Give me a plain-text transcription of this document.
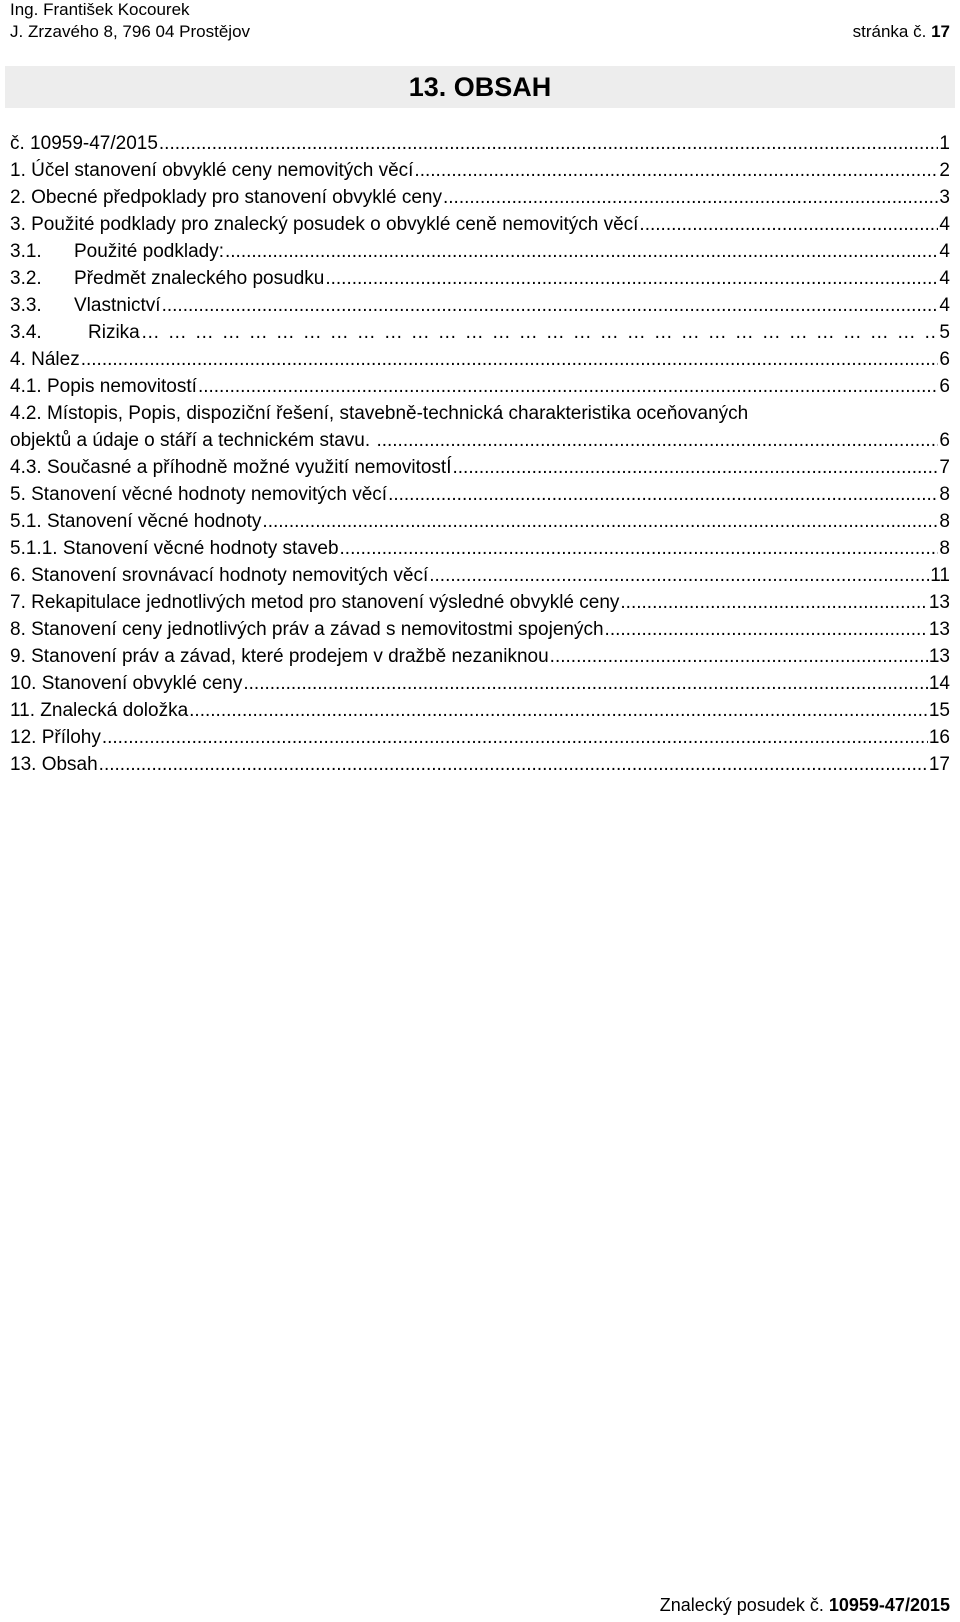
Ing. František Kocourek
J. Zrzavého 8, 796 04 Prostějov	stránka č. 17
13. OBSAH
č. 10959-47/2015 .....	1
1. Účel stanovení obvyklé ceny nemovitých věcí .....	2
2. Obecné předpoklady pro stanovení obvyklé ceny .....	3
3. Použité podklady pro znalecký posudek o obvyklé ceně nemovitých věcí .....	4
3.1. Použité podklady: .....	4
3.2. Předmět znaleckého posudku .....	4
3.3. Vlastnictví .....	4
3.4. Rizika ……………………………………………………………………………………………………………………………………………………………………………	5
4. Nález .....	6
4.1. Popis nemovitostí .....	6
4.2. Místopis, Popis, dispoziční řešení, stavebně-technická charakteristika oceňovaných
objektů a údaje o stáří a technickém stavu. .....	6
4.3. Současné a příhodně možné využití nemovitostÍ .....	7
5. Stanovení věcné hodnoty nemovitých věcí .....	8
5.1. Stanovení věcné hodnoty .....	8
5.1.1. Stanovení věcné hodnoty staveb .....	8
6. Stanovení srovnávací hodnoty nemovitých věcí .....	11
7. Rekapitulace jednotlivých metod pro stanovení výsledné obvyklé ceny .....	13
8. Stanovení ceny jednotlivých práv a závad s nemovitostmi spojených .....	13
9. Stanovení práv a závad, které prodejem v dražbě nezaniknou .....	13
10. Stanovení obvyklé ceny .....	14
11. Znalecká doložka .....	15
12. Přílohy .....	16
13. Obsah .....	17
Znalecký posudek č. 10959-47/2015
